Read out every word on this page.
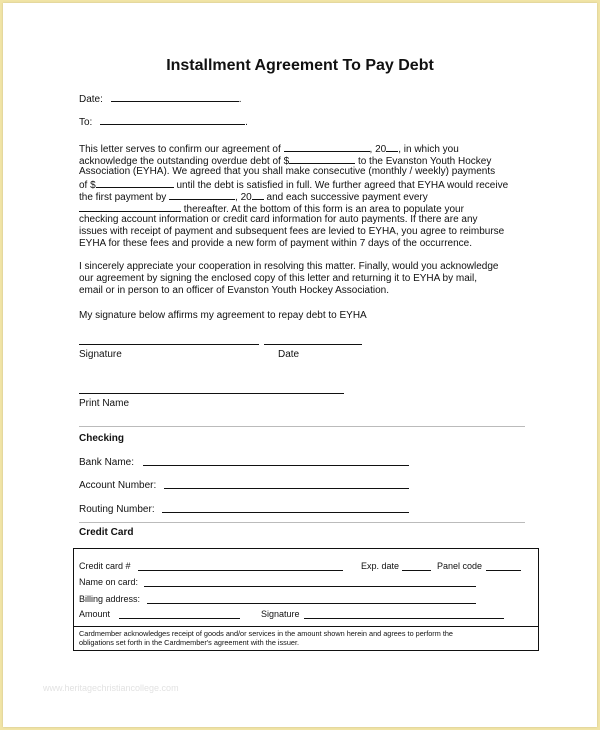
Installment Agreement To Pay Debt
Date:	.
To:	.
This letter serves to confirm our agreement of	, 20 , in which you
acknowledge the outstanding overdue debt of $	to the Evanston Youth Hockey
Association (EYHA). We agreed that you shall make consecutive (monthly / weekly) payments
of $	until the debt is satisfied in full. We further agreed that EYHA would receive
the first payment by	, 20 and each successive payment every
thereafter. At the bottom of this form is an area to populate your
checking account information or credit card information for auto payments. If there are any
issues with receipt of payment and subsequent fees are levied to EYHA, you agree to reimburse
EYHA for these fees and provide a new form of payment within 7 days of the occurrence.
I sincerely appreciate your cooperation in resolving this matter. Finally, would you acknowledge
our agreement by signing the enclosed copy of this letter and returning it to EYHA by mail,
email or in person to an officer of Evanston Youth Hockey Association.
My signature below affirms my agreement to repay debt to EYHA
Signature	Date
Print Name
Checking
Bank Name:
Account Number:
Routing Number:
Credit Card
Credit card #	Exp. date	Panel code
Name on card:
Billing address:
Amount	Signature
Cardmember acknowledges receipt of goods and/or services in the amount shown herein and agrees to perform the
obligations set forth in the Cardmember's agreement with the issuer.
www.heritagechristiancollege.com
